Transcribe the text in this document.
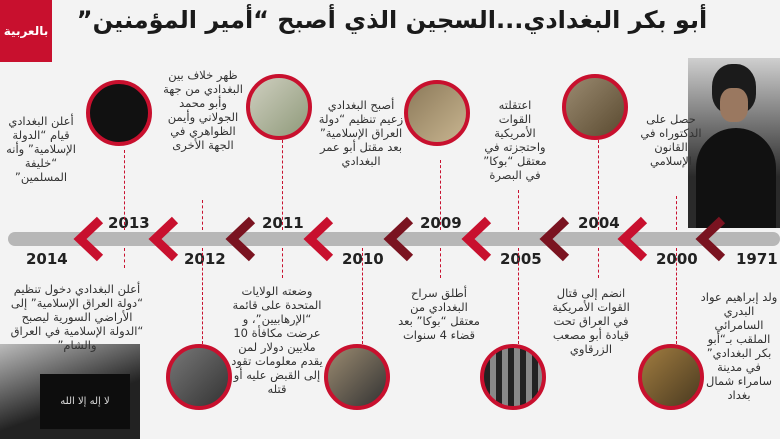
بالعربية	أبو بكر البغدادي...السجين الذي أصبح “أمير المؤمنين”
لا إله إلا الله
2014
2013
2012
2011
2010
2009
2005
2004
2000	1971
أعلن البغدادي قيام “الدولة الإسلامية” وأنه “خليفة المسلمين”
ظهر خلاف بين البغدادي من جهة وأبو محمد الجولاني وأيمن الظواهري في الجهة الأخرى
أصبح البغدادي زعيم تنظيم “دولة العراق الإسلامية” بعد مقتل أبو عمر البغدادي
اعتقلته القوات الأمريكية واحتجزته في معتقل “بوكا” في البصرة
حصل على الدكتوراه في القانون الإسلامي
أعلن البغدادي دخول تنظيم “دولة العراق الإسلامية” إلى الأراضي السورية ليصبح “الدولة الإسلامية في العراق والشام”
وضعته الولايات المتحدة على قائمة “الإرهابيين”، و عرضت مكافأة 10 ملايين دولار لمن يقدم معلومات تقود إلى القبض عليه أو قتله
أطلق سراح البغدادي من معتقل “بوكا” بعد قضاء 4 سنوات
انضم إلى قتال القوات الأمريكية في العراق تحت قيادة أبو مصعب الزرقاوي
ولد إبراهيم عواد البدري السامرائي الملقب بـ“أبو بكر البغدادي” في مدينة سامراء شمال بغداد
